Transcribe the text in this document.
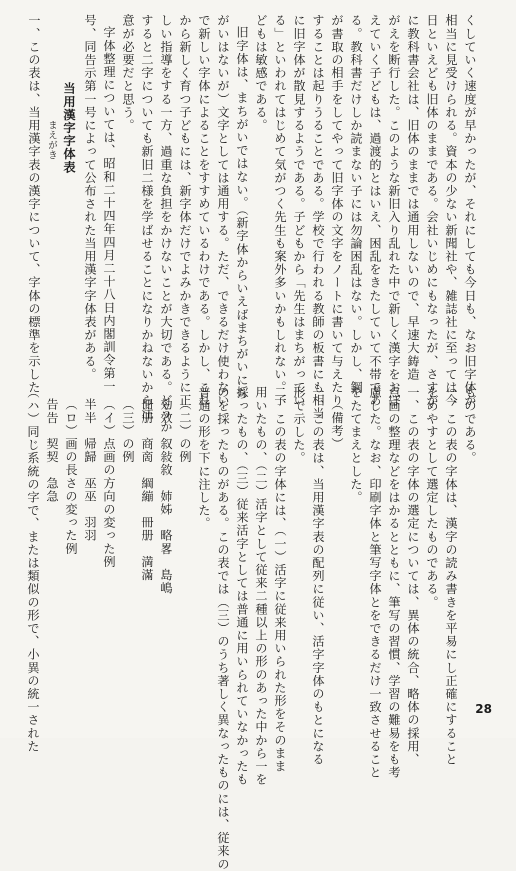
くしていく速度が早かったが、それにしても今日も、なお旧字体が
相当に見受けられる。資本の少ない新聞社や、雑誌社に至っては今
日といえども旧体のままである。会社いじめにもなったが、さすが
に教科書会社は、旧体のままでは通用しないので、早速大鋳造
がえを断行した。このような新旧入り乱れた中で新しく漢字をおぼ
えていく子どもは、過渡的とはいえ、困乱をきたしていて不帯であ
る。教科書だけしか読まない子には勿論困乱はない。しかし、鋼
が書取の相手をしてやって旧字体の文字をノートに書いて与えたり
することは起りうることである。学校で行われる教師の板書にも相当
に旧字体が散見するようである。子どもから「先生はまちがってい
る」といわれてはじめて気がつく先生も案外多いかもしれない。子
どもは敏感である。
旧字体は、まちがいではない。（新字体からいえばまちがいにち
がいはないが）文字としては通用する。ただ、できるだけ使わない
で新しい字体によることをすすめているわけである。しかし、これ
から新しく育つ子どもには、新字体だけでよみかきできるように正
しい指導をする一方、過重な負担をかけないことが大切である。どうか
すると二字についても新旧二様を学ばせることになりかねないから注
意が必要だと思う。
字体整理については、昭和二十四年四月二十八日内閣訓令第一
号、同告示第一号によって公布された当用漢字字体表がある。
当用漢字字体表
まえがき
一、この表は、当用漢字表の漢字について、字体の標準を示した
ものである。
一、この表の字体は、漢字の読み書きを平易にし正確にすること
をめやすとして選定したものである。
一、この表の字体の選定については、異体の統合、略体の採用、
点画の整理などをはかるとともに、筆写の習慣、学習の難易をも考
慮した。なお、印刷字体と筆写字体とをできるだけ一致させること
をたてまえとした。
（備考）
一、この表は、当用漢字表の配列に従い、活字字体のもとになる
形で示した。
二、この表の字体には、（一）活字に従来用いられた形をそのまま
用いたもの、（二）活字として従来二種以上の形のあった中から一を
採ったもの、（三）従来活字としては普通に用いられていなかったも
のを採ったものがある。この表では（三）のうち著しく異なったものには、従来の
普通の形を下に注した。
（二）の例
効效　叙敍敘　姉姊　略畧　島嶋
冊册　商啇　綱繃　冊册　満滿
（三）の例
（イ）点画の方向の変った例
半半　帰歸　巫巫　羽羽
（ロ）画の長さの変った例
告告　契契　急急
（ハ）同じ系統の字で、または類似の形で、小異の統一された	28
